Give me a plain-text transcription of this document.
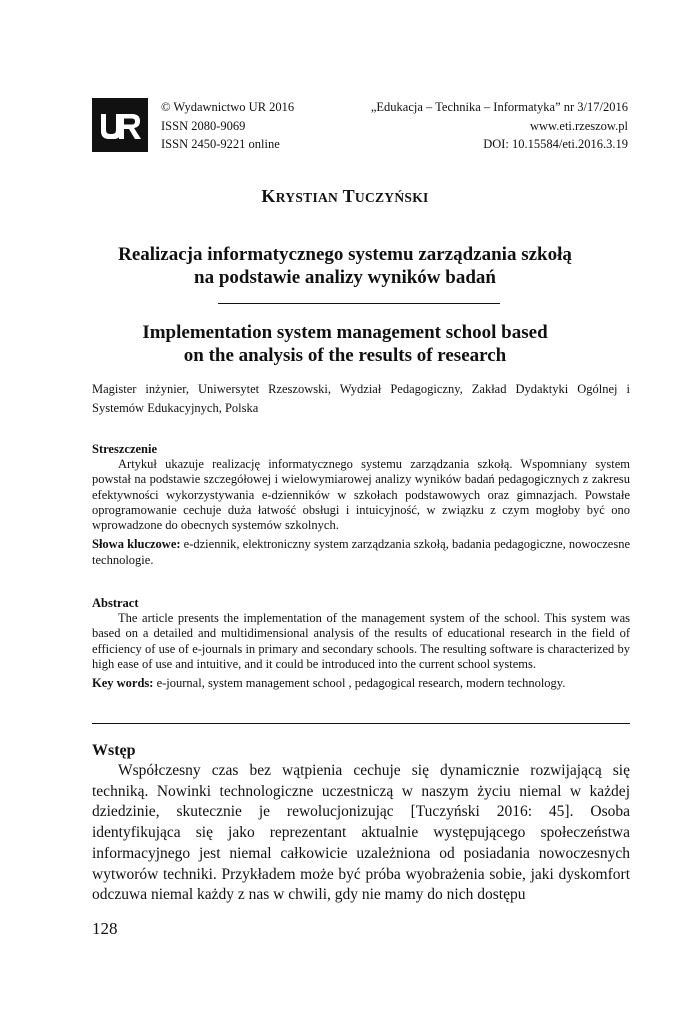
© Wydawnictwo UR 2016
ISSN 2080-9069
ISSN 2450-9221 online
„Edukacja – Technika – Informatyka” nr 3/17/2016
www.eti.rzeszow.pl
DOI: 10.15584/eti.2016.3.19
KRYSTIAN TUCZYŃSKI
Realizacja informatycznego systemu zarządzania szkołą
na podstawie analizy wyników badań
Implementation system management school based
on the analysis of the results of research
Magister inżynier, Uniwersytet Rzeszowski, Wydział Pedagogiczny, Zakład Dydaktyki Ogólnej i Systemów Edukacyjnych, Polska
Streszczenie

Artykuł ukazuje realizację informatycznego systemu zarządzania szkołą. Wspomniany system powstał na podstawie szczegółowej i wielowymiarowej analizy wyników badań pedagogicznych z zakresu efektywności wykorzystywania e-dzienników w szkołach podstawowych oraz gimnazjach. Powstałe oprogramowanie cechuje duża łatwość obsługi i intuicyjność, w związku z czym mogłoby być ono wprowadzone do obecnych systemów szkolnych.

Słowa kluczowe: e-dziennik, elektroniczny system zarządzania szkołą, badania pedagogiczne, nowoczesne technologie.

Abstract

The article presents the implementation of the management system of the school. This system was based on a detailed and multidimensional analysis of the results of educational research in the field of efficiency of use of e-journals in primary and secondary schools. The resulting software is characterized by high ease of use and intuitive, and it could be introduced into the current school systems.

Key words: e-journal, system management school , pedagogical research, modern technology.

Wstęp

Współczesny czas bez wątpienia cechuje się dynamicznie rozwijającą się techniką. Nowinki technologiczne uczestniczą w naszym życiu niemal w każdej dziedzinie, skutecznie je rewolucjonizując [Tuczyński 2016: 45]. Osoba identyfikująca się jako reprezentant aktualnie występującego społeczeństwa informacyjnego jest niemal całkowicie uzależniona od posiadania nowoczesnych wytworów techniki. Przykładem może być próba wyobrażenia sobie, jaki dyskomfort odczuwa niemal każdy z nas w chwili, gdy nie mamy do nich dostępu

128
